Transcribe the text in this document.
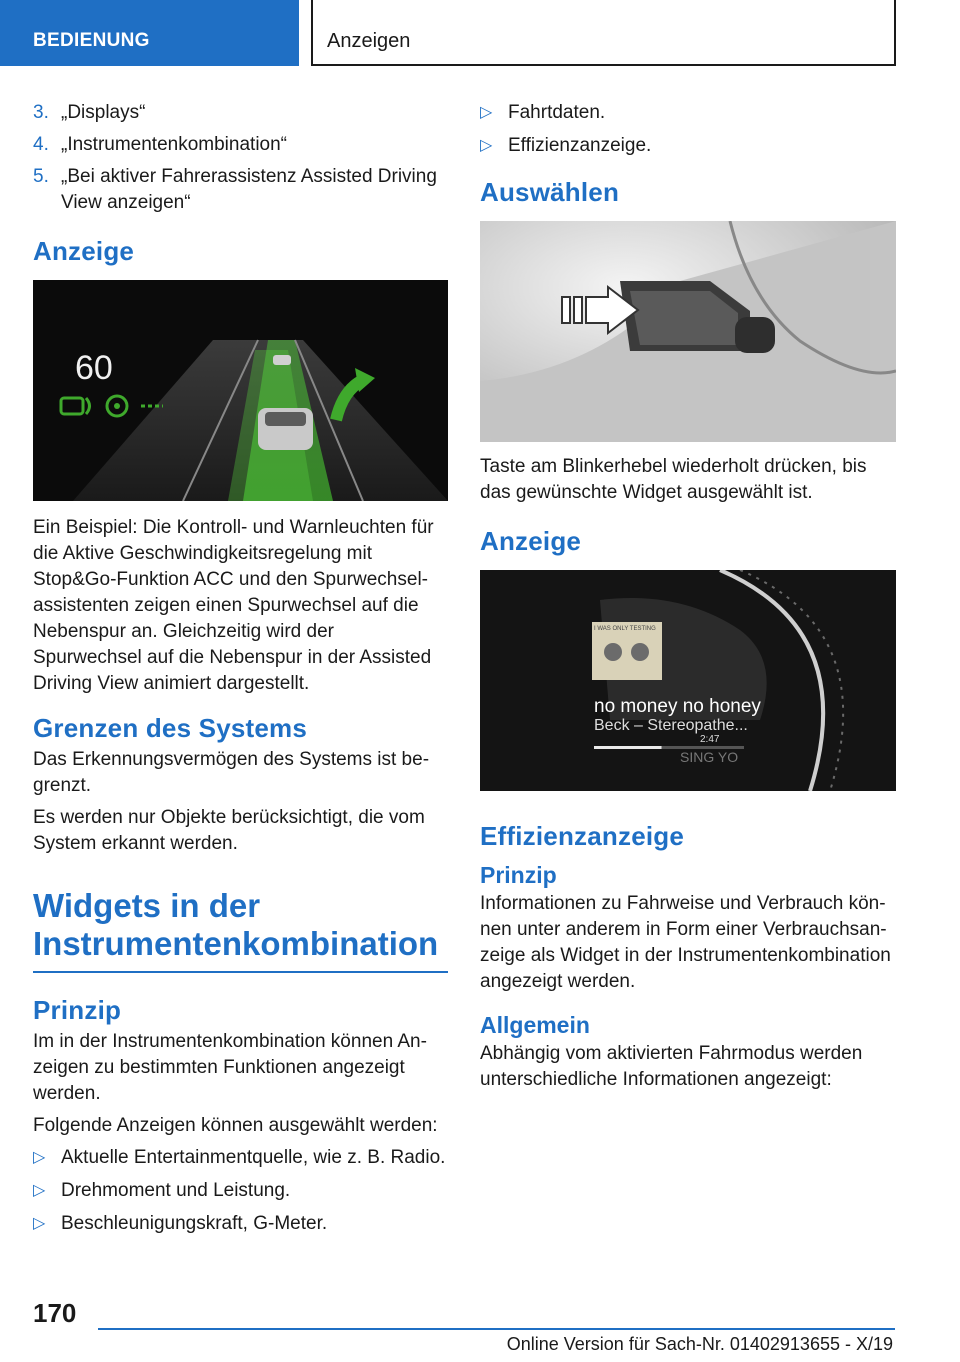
BEDIENUNG	Anzeigen
3. „Displays“
4. „Instrumentenkombination“
5. „Bei aktiver Fahrerassistenz Assisted Driving View anzeigen“
Anzeige
60

Ein Beispiel: Die Kontroll- und Warnleuchten für die Aktive Geschwindigkeitsregelung mit Stop&Go-Funktion ACC und den Spurwechselassistenten zeigen einen Spurwechsel auf die Nebenspur an. Gleichzeitig wird der Spurwechsel auf die Nebenspur in der Assisted Driving View animiert dargestellt.

Grenzen des Systems

Das Erkennungsvermögen des Systems ist begrenzt.

Es werden nur Objekte berücksichtigt, die vom System erkannt werden.

Widgets in der Instrumentenkombination
Prinzip

Im in der Instrumentenkombination können Anzeigen zu bestimmten Funktionen angezeigt werden.

Folgende Anzeigen können ausgewählt werden:

▷ Aktuelle Entertainmentquelle, wie z. B. Radio.
▷ Drehmoment und Leistung.
▷ Beschleunigungskraft, G-Meter.
▷ Fahrtdaten.
▷ Effizienzanzeige.
Auswählen

Taste am Blinkerhebel wiederholt drücken, bis das gewünschte Widget ausgewählt ist.

Anzeige
I WAS ONLY TESTING
no money no honey
Beck – Stereopathe...
2:47
SING YO
Effizienzanzeige
Prinzip

Informationen zu Fahrweise und Verbrauch können unter anderem in Form einer Verbrauchsanzeige als Widget in der Instrumentenkombination angezeigt werden.

Allgemein

Abhängig vom aktivierten Fahrmodus werden unterschiedliche Informationen angezeigt:

170
Online Version für Sach-Nr. 01402913655 - X/19
